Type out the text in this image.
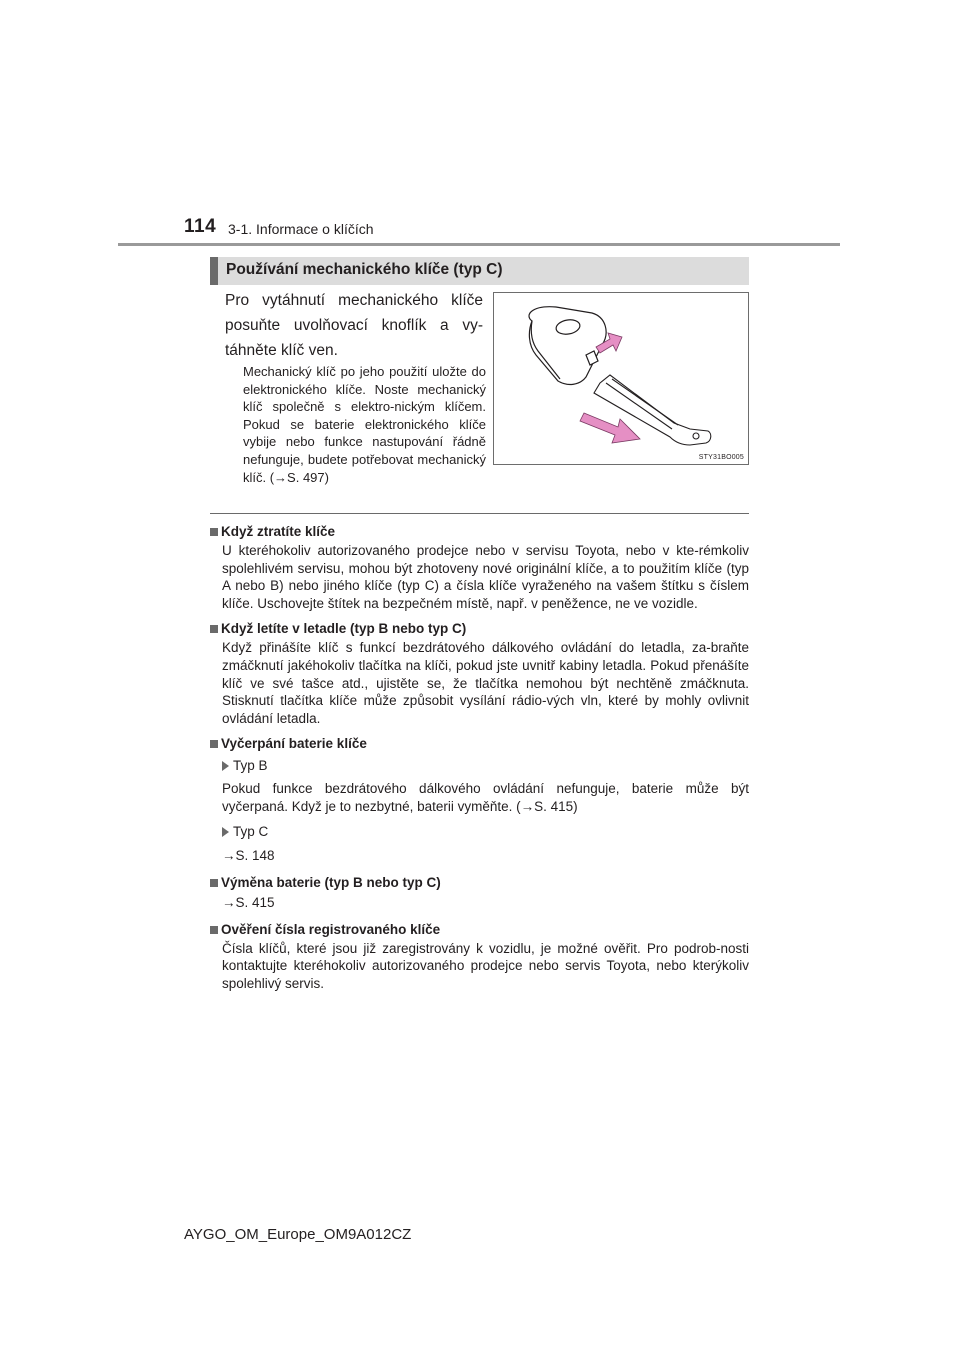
114 3-1. Informace o klíčích
Používání mechanického klíče (typ C)
Pro vytáhnutí mechanického klíče posuňte uvolňovací knoflík a vy-táhněte klíč ven.
Mechanický klíč po jeho použití uložte do elektronického klíče. Noste mechanický klíč společně s elektro-nickým klíčem. Pokud se baterie elektronického klíče vybije nebo funkce nastupování řádně nefunguje, budete potřebovat mechanický klíč. (→S. 497)
STY31BO005
Když ztratíte klíče
U kteréhokoliv autorizovaného prodejce nebo v servisu Toyota, nebo v kte-rémkoliv spolehlivém servisu, mohou být zhotoveny nové originální klíče, a to použitím klíče (typ A nebo B) nebo jiného klíče (typ C) a čísla klíče vyraženého na vašem štítku s číslem klíče. Uschovejte štítek na bezpečném místě, např. v peněžence, ne ve vozidle.
Když letíte v letadle (typ B nebo typ C)
Když přinášíte klíč s funkcí bezdrátového dálkového ovládání do letadla, za-braňte zmáčknutí jakéhokoliv tlačítka na klíči, pokud jste uvnitř kabiny letadla. Pokud přenášíte klíč ve své tašce atd., ujistěte se, že tlačítka nemohou být nechtěně zmáčknuta. Stisknutí tlačítka klíče může způsobit vysílání rádio-vých vln, které by mohly ovlivnit ovládání letadla.
Vyčerpání baterie klíče
Typ B
Pokud funkce bezdrátového dálkového ovládání nefunguje, baterie může být vyčerpaná. Když je to nezbytné, baterii vyměňte. (→S. 415)
Typ C
→S. 148
Výměna baterie (typ B nebo typ C)
→S. 415
Ověření čísla registrovaného klíče
Čísla klíčů, které jsou již zaregistrovány k vozidlu, je možné ověřit. Pro podrob-nosti kontaktujte kteréhokoliv autorizovaného prodejce nebo servis Toyota, nebo kterýkoliv spolehlivý servis.
AYGO_OM_Europe_OM9A012CZ
